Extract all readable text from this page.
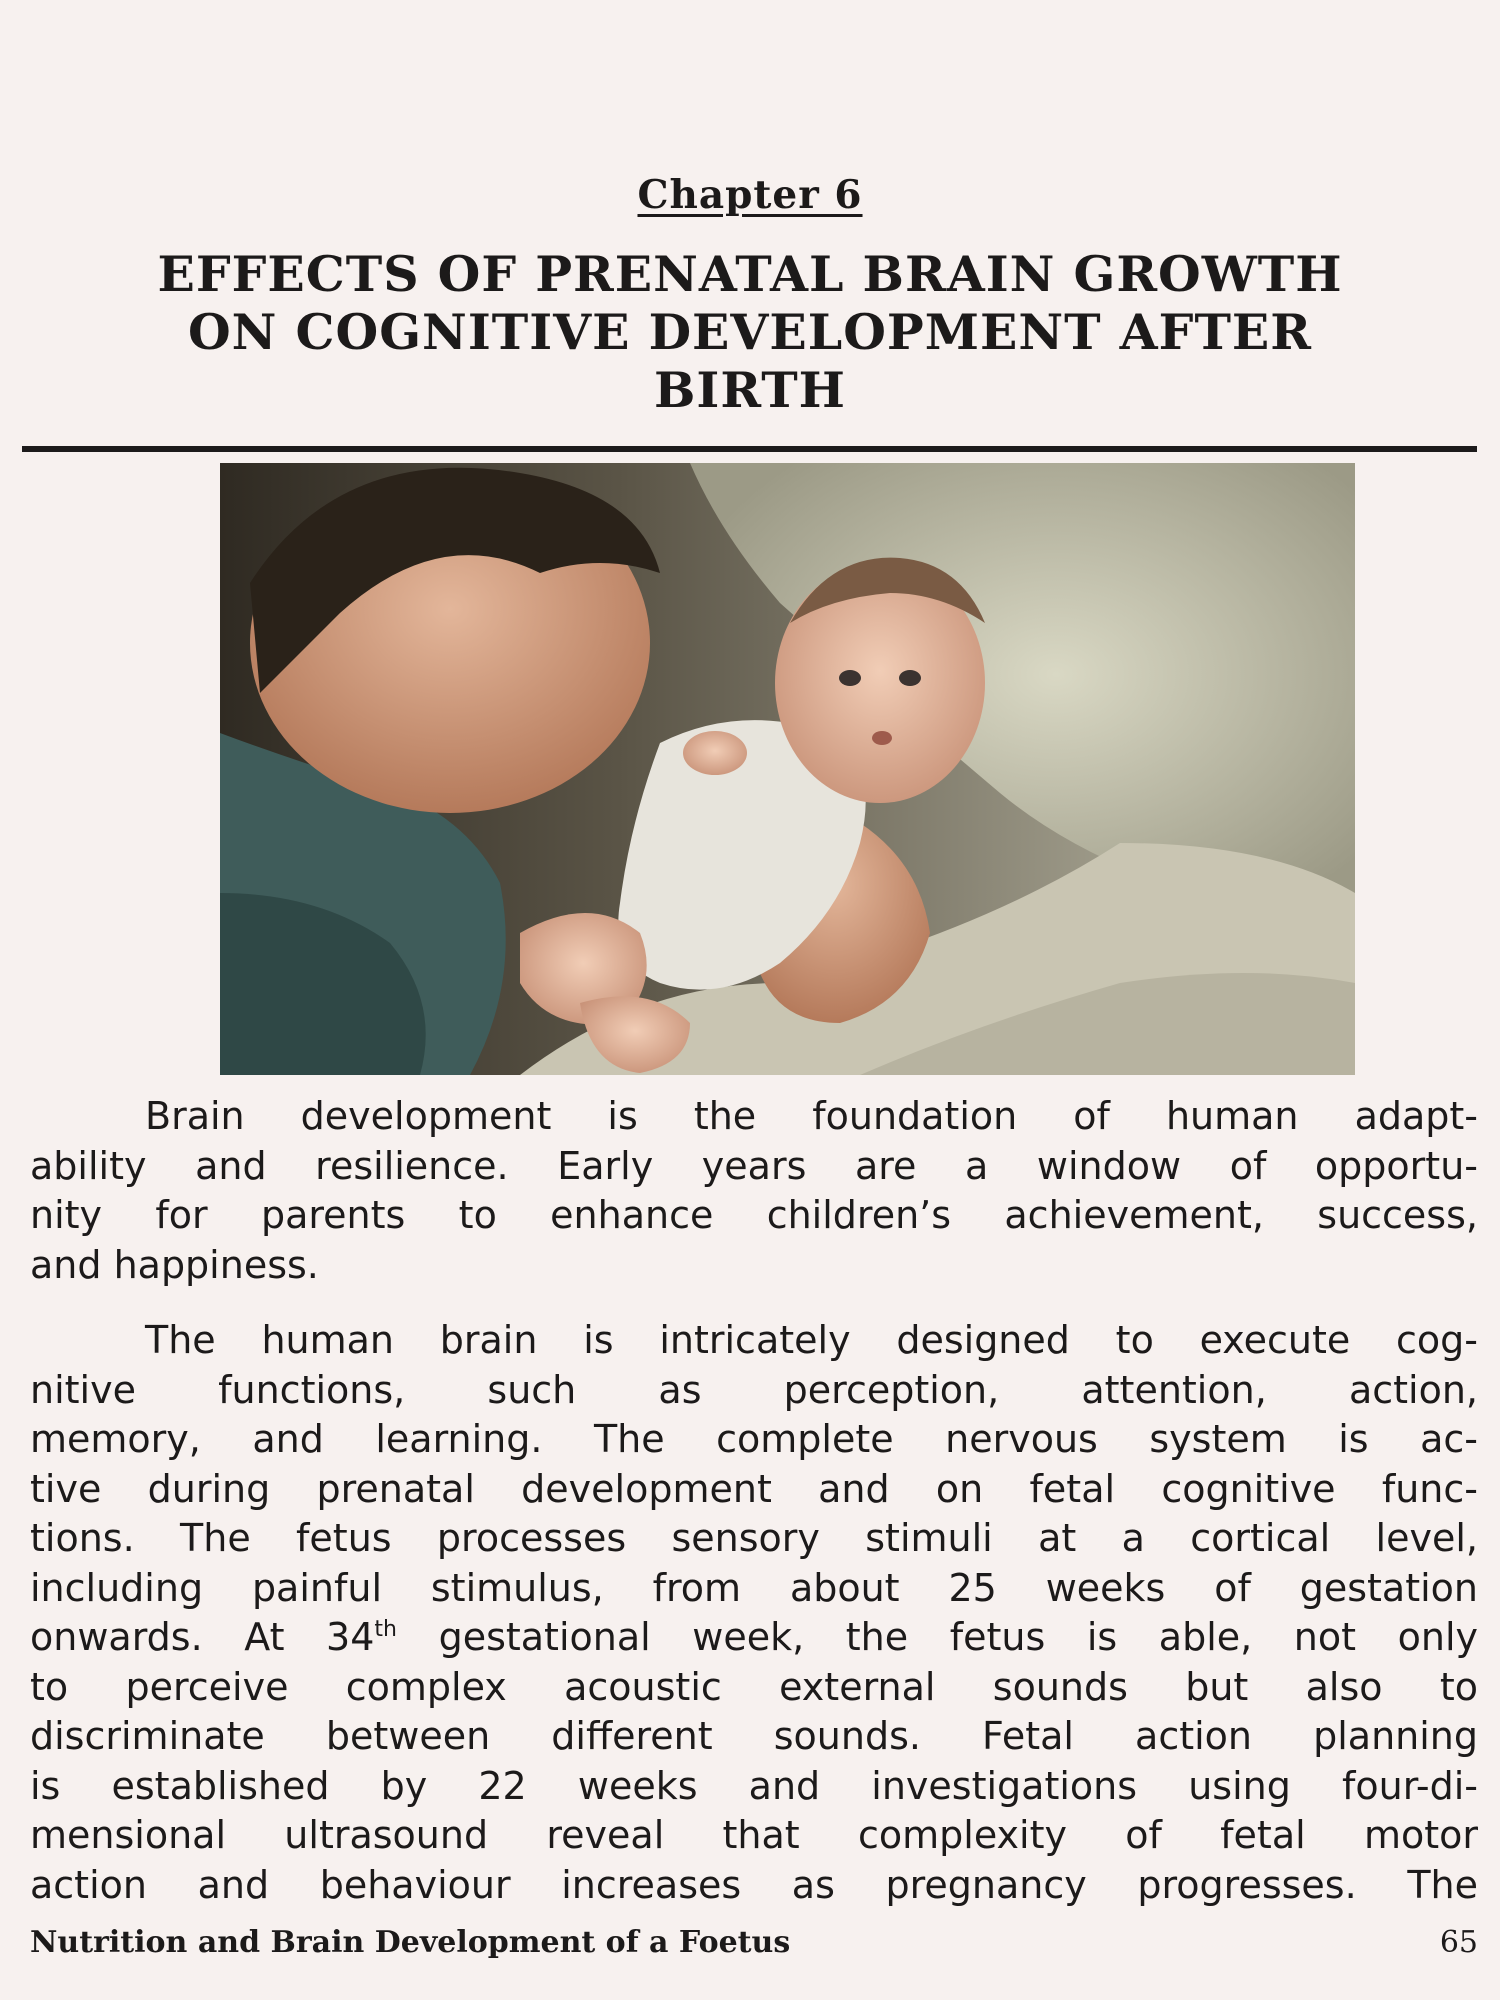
Chapter 6
EFFECTS OF PRENATAL BRAIN GROWTH
ON COGNITIVE DEVELOPMENT AFTER
BIRTH
Brain development is the foundation of human adapt-
ability and resilience. Early years are a window of opportu-
nity for parents to enhance children’s achievement, success,
and happiness.
The human brain is intricately designed to execute cog-
nitive functions, such as perception, attention, action,
memory, and learning. The complete nervous system is ac-
tive during prenatal development and on fetal cognitive func-
tions. The fetus processes sensory stimuli at a cortical level,
including painful stimulus, from about 25 weeks of gestation
onwards. At 34th gestational week, the fetus is able, not only
to perceive complex acoustic external sounds but also to
discriminate between different sounds. Fetal action planning
is established by 22 weeks and investigations using four-di-
mensional ultrasound reveal that complexity of fetal motor
action and behaviour increases as pregnancy progresses. The
Nutrition and Brain Development of a Foetus	65
